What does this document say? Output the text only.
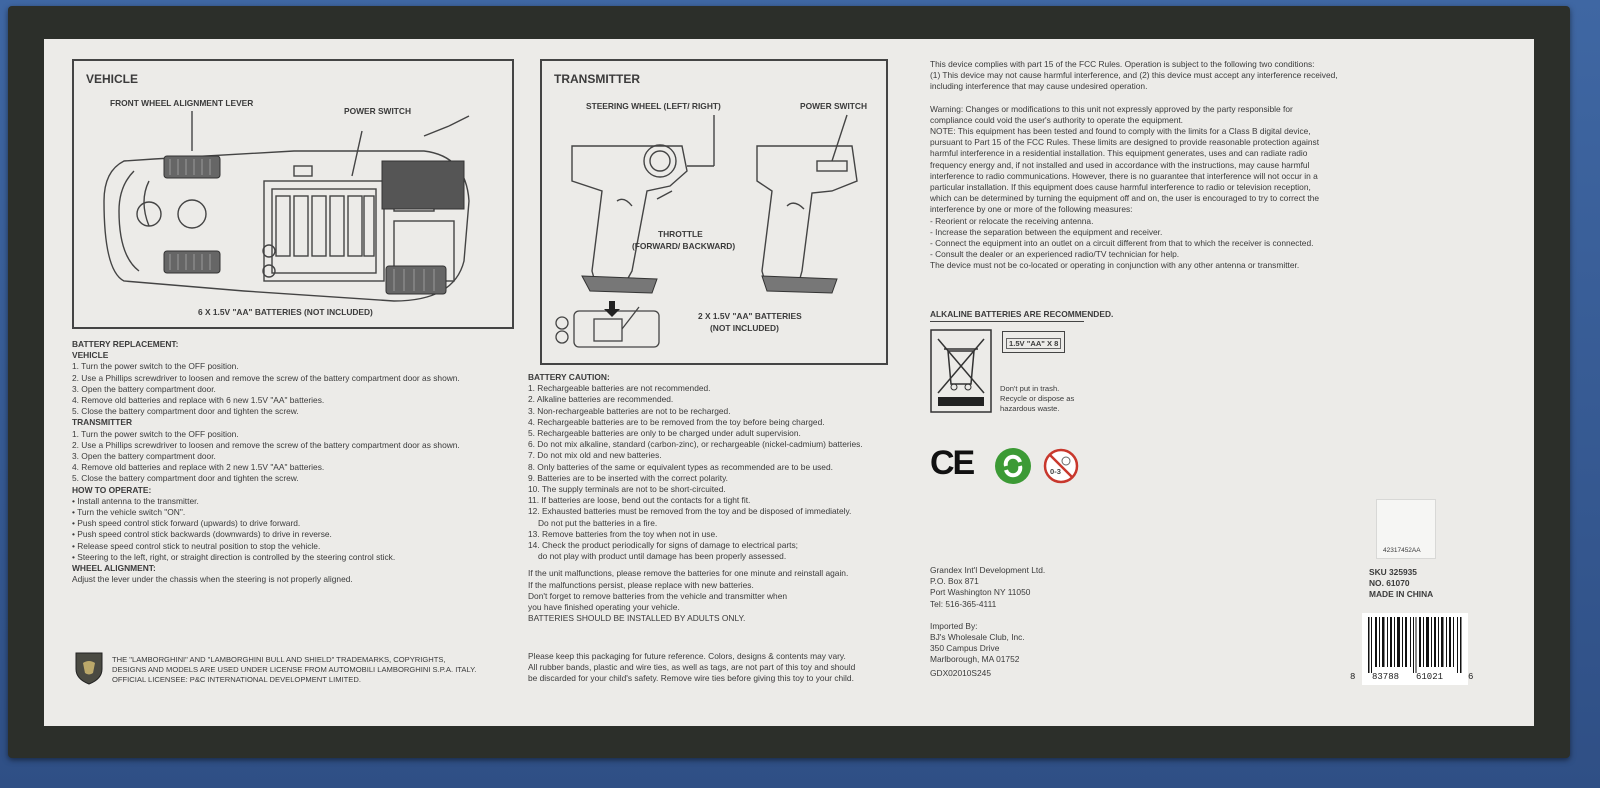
VEHICLE
FRONT WHEEL ALIGNMENT LEVER
POWER SWITCH
6 X 1.5V "AA" BATTERIES (NOT INCLUDED)
TRANSMITTER
STEERING WHEEL (LEFT/ RIGHT)	POWER SWITCH
THROTTLE
(FORWARD/ BACKWARD)
2 X 1.5V "AA" BATTERIES
(NOT INCLUDED)
BATTERY REPLACEMENT:
VEHICLE
1. Turn the power switch to the OFF position.
2. Use a Phillips screwdriver to loosen and remove the screw of the battery compartment door as shown.
3. Open the battery compartment door.
4. Remove old batteries and replace with 6 new 1.5V "AA" batteries.
5. Close the battery compartment door and tighten the screw.
TRANSMITTER
1. Turn the power switch to the OFF position.
2. Use a Phillips screwdriver to loosen and remove the screw of the battery compartment door as shown.
3. Open the battery compartment door.
4. Remove old batteries and replace with 2 new 1.5V "AA" batteries.
5. Close the battery compartment door and tighten the screw.
HOW TO OPERATE:
• Install antenna to the transmitter.
• Turn the vehicle switch "ON".
• Push speed control stick forward (upwards) to drive forward.
• Push speed control stick backwards (downwards) to drive in reverse.
• Release speed control stick to neutral position to stop the vehicle.
• Steering to the left, right, or straight direction is controlled by the steering control stick.
WHEEL ALIGNMENT:
Adjust the lever under the chassis when the steering is not properly aligned.
THE "LAMBORGHINI" AND "LAMBORGHINI BULL AND SHIELD" TRADEMARKS, COPYRIGHTS,
DESIGNS AND MODELS ARE USED UNDER LICENSE FROM AUTOMOBILI LAMBORGHINI S.P.A. ITALY.
OFFICIAL LICENSEE: P&C INTERNATIONAL DEVELOPMENT LIMITED.
BATTERY CAUTION:
1. Rechargeable batteries are not recommended.
2. Alkaline batteries are recommended.
3. Non-rechargeable batteries are not to be recharged.
4. Rechargeable batteries are to be removed from the toy before being charged.
5. Rechargeable batteries are only to be charged under adult supervision.
6. Do not mix alkaline, standard (carbon-zinc), or rechargeable (nickel-cadmium) batteries.
7. Do not mix old and new batteries.
8. Only batteries of the same or equivalent types as recommended are to be used.
9. Batteries are to be inserted with the correct polarity.
10. The supply terminals are not to be short-circuited.
11. If batteries are loose, bend out the contacts for a tight fit.
12. Exhausted batteries must be removed from the toy and be disposed of immediately.
Do not put the batteries in a fire.
13. Remove batteries from the toy when not in use.
14. Check the product periodically for signs of damage to electrical parts;
do not play with product until damage has been properly assessed.
If the unit malfunctions, please remove the batteries for one minute and reinstall again.
If the malfunctions persist, please replace with new batteries.
Don't forget to remove batteries from the vehicle and transmitter when
you have finished operating your vehicle.
BATTERIES SHOULD BE INSTALLED BY ADULTS ONLY.
Please keep this packaging for future reference. Colors, designs & contents may vary.
All rubber bands, plastic and wire ties, as well as tags, are not part of this toy and should
be discarded for your child's safety. Remove wire ties before giving this toy to your child.
This device complies with part 15 of the FCC Rules. Operation is subject to the following two conditions:
(1) This device may not cause harmful interference, and (2) this device must accept any interference received,
including interference that may cause undesired operation.
Warning: Changes or modifications to this unit not expressly approved by the party responsible for
compliance could void the user's authority to operate the equipment.
NOTE: This equipment has been tested and found to comply with the limits for a Class B digital device,
pursuant to Part 15 of the FCC Rules. These limits are designed to provide reasonable protection against
harmful interference in a residential installation. This equipment generates, uses and can radiate radio
frequency energy and, if not installed and used in accordance with the instructions, may cause harmful
interference to radio communications. However, there is no guarantee that interference will not occur in a
particular installation. If this equipment does cause harmful interference to radio or television reception,
which can be determined by turning the equipment off and on, the user is encouraged to try to correct the
interference by one or more of the following measures:
- Reorient or relocate the receiving antenna.
- Increase the separation between the equipment and receiver.
- Connect the equipment into an outlet on a circuit different from that to which the receiver is connected.
- Consult the dealer or an experienced radio/TV technician for help.
The device must not be co-located or operating in conjunction with any other antenna or transmitter.
ALKALINE BATTERIES ARE RECOMMENDED.
1.5V "AA" X 8
Don't put in trash.
Recycle or dispose as
hazardous waste.
CE	0-3
42317452AA
Grandex Int'l Development Ltd.
P.O. Box 871
Port Washington NY 11050
Tel: 516-365-4111
Imported By:
BJ's Wholesale Club, Inc.
350 Campus Drive
Marlborough, MA 01752
GDX02010S245
SKU 325935
NO. 61070
MADE IN CHINA
8 83788 61021	6
